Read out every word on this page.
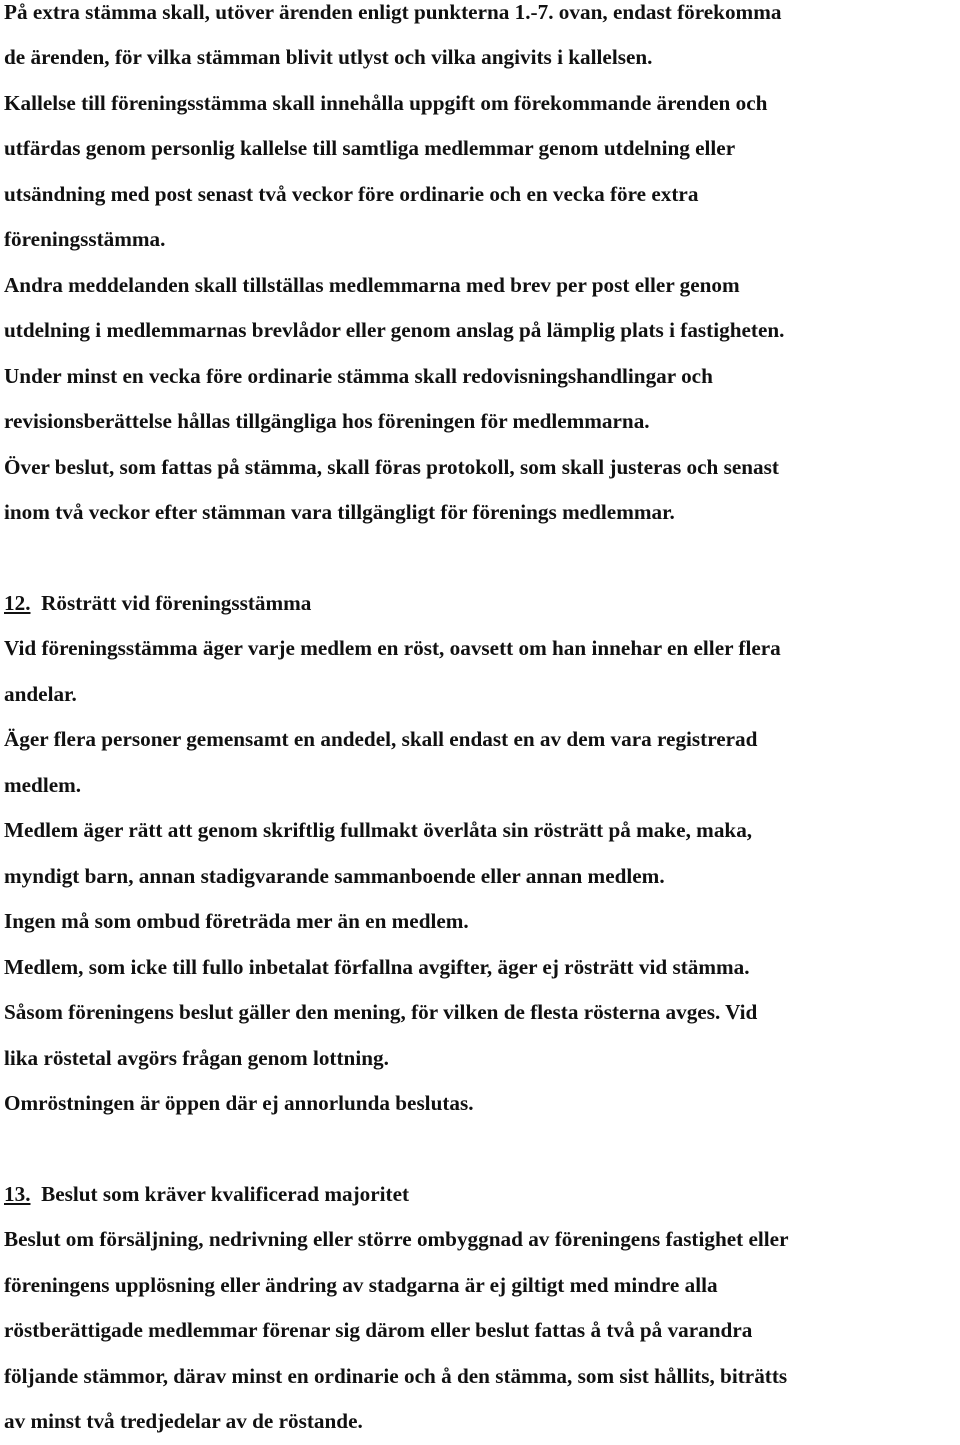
På extra stämma skall, utöver ärenden enligt punkterna 1.-7. ovan, endast förekomma

de ärenden, för vilka stämman blivit utlyst och vilka angivits i kallelsen.

Kallelse till föreningsstämma skall innehålla uppgift om förekommande ärenden och

utfärdas genom personlig kallelse till samtliga medlemmar genom utdelning eller

utsändning med post senast två veckor före ordinarie och en vecka före extra

föreningsstämma.

Andra meddelanden skall tillställas medlemmarna med brev per post eller genom

utdelning i medlemmarnas brevlådor eller genom anslag på lämplig plats i fastigheten.

Under minst en vecka före ordinarie stämma skall redovisningshandlingar och

revisionsberättelse hållas tillgängliga hos föreningen för medlemmarna.

Över beslut, som fattas på stämma, skall föras protokoll, som skall justeras och senast

inom två veckor efter stämman vara tillgängligt för förenings medlemmar.

12. Rösträtt vid föreningsstämma

Vid föreningsstämma äger varje medlem en röst, oavsett om han innehar en eller flera

andelar.

Äger flera personer gemensamt en andedel, skall endast en av dem vara registrerad

medlem.

Medlem äger rätt att genom skriftlig fullmakt överlåta sin rösträtt på make, maka,

myndigt barn, annan stadigvarande sammanboende eller annan medlem.

Ingen må som ombud företräda mer än en medlem.

Medlem, som icke till fullo inbetalat förfallna avgifter, äger ej rösträtt vid stämma.

Såsom föreningens beslut gäller den mening, för vilken de flesta rösterna avges. Vid

lika röstetal avgörs frågan genom lottning.

Omröstningen är öppen där ej annorlunda beslutas.

13. Beslut som kräver kvalificerad majoritet

Beslut om försäljning, nedrivning eller större ombyggnad av föreningens fastighet eller

föreningens upplösning eller ändring av stadgarna är ej giltigt med mindre alla

röstberättigade medlemmar förenar sig därom eller beslut fattas å två på varandra

följande stämmor, därav minst en ordinarie och å den stämma, som sist hållits, biträtts

av minst två tredjedelar av de röstande.
